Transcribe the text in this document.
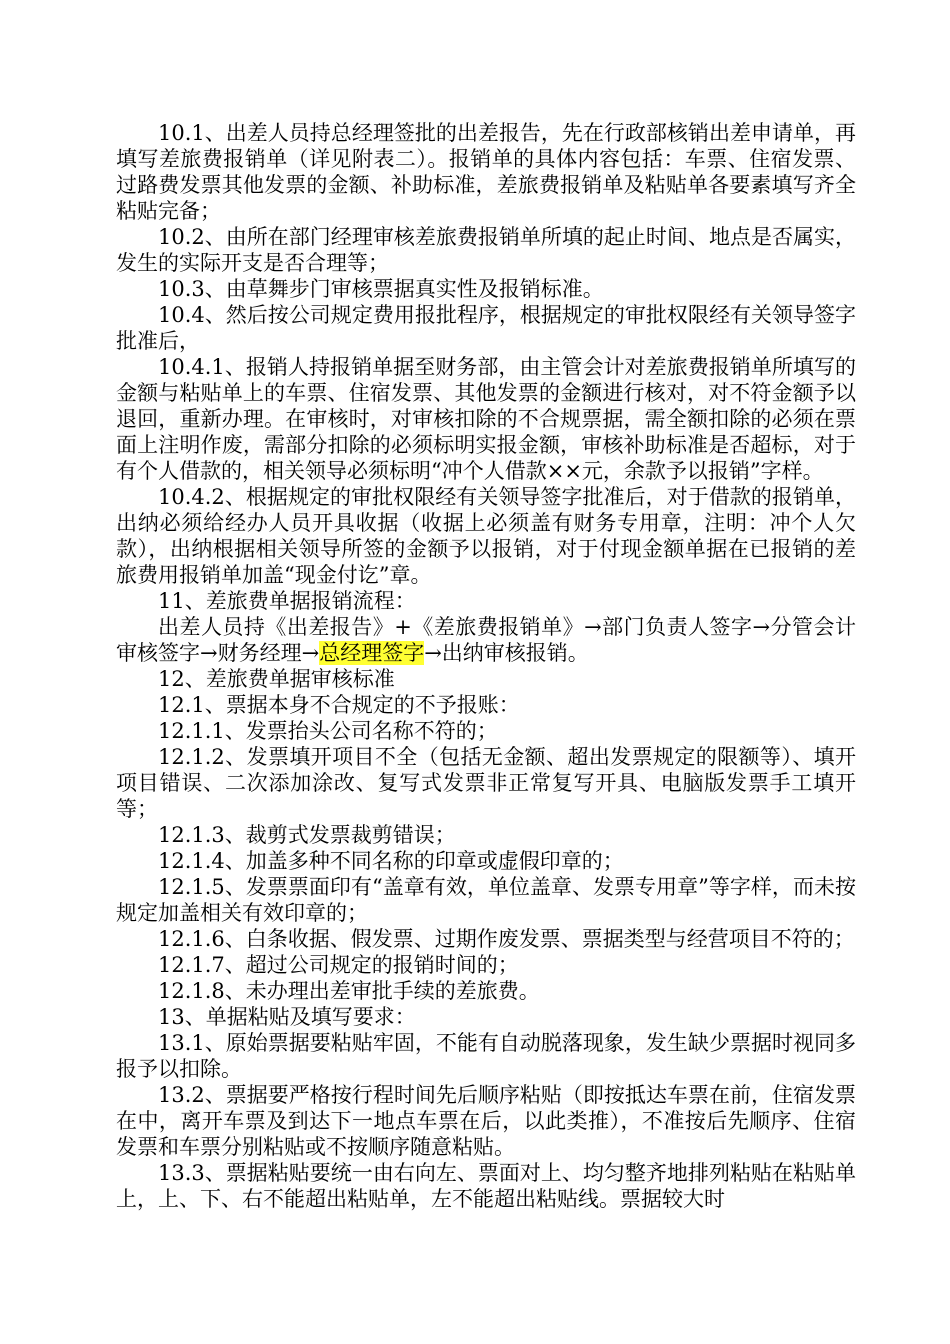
10.1、出差人员持总经理签批的出差报告，先在行政部核销出差申请单，再填写差旅费报销单（详见附表二）。报销单的具体内容包括：车票、住宿发票、过路费发票其他发票的金额、补助标准，差旅费报销单及粘贴单各要素填写齐全粘贴完备；

10.2、由所在部门经理审核差旅费报销单所填的起止时间、地点是否属实，发生的实际开支是否合理等；

10.3、由草舞步门审核票据真实性及报销标准。

10.4、然后按公司规定费用报批程序，根据规定的审批权限经有关领导签字批准后，

10.4.1、报销人持报销单据至财务部，由主管会计对差旅费报销单所填写的金额与粘贴单上的车票、住宿发票、其他发票的金额进行核对，对不符金额予以退回，重新办理。在审核时，对审核扣除的不合规票据，需全额扣除的必须在票面上注明作废，需部分扣除的必须标明实报金额，审核补助标准是否超标，对于有个人借款的，相关领导必须标明“冲个人借款××元，余款予以报销”字样。

10.4.2、根据规定的审批权限经有关领导签字批准后，对于借款的报销单，出纳必须给经办人员开具收据（收据上必须盖有财务专用章，注明：冲个人欠款），出纳根据相关领导所签的金额予以报销，对于付现金额单据在已报销的差旅费用报销单加盖“现金付讫”章。

11、差旅费单据报销流程：

出差人员持《出差报告》+《差旅费报销单》→部门负责人签字→分管会计审核签字→财务经理→总经理签字→出纳审核报销。

12、差旅费单据审核标准

12.1、票据本身不合规定的不予报账：

12.1.1、发票抬头公司名称不符的；

12.1.2、发票填开项目不全（包括无金额、超出发票规定的限额等）、填开项目错误、二次添加涂改、复写式发票非正常复写开具、电脑版发票手工填开等；

12.1.3、裁剪式发票裁剪错误；

12.1.4、加盖多种不同名称的印章或虚假印章的；

12.1.5、发票票面印有“盖章有效，单位盖章、发票专用章”等字样，而未按规定加盖相关有效印章的；

12.1.6、白条收据、假发票、过期作废发票、票据类型与经营项目不符的；

12.1.7、超过公司规定的报销时间的；

12.1.8、未办理出差审批手续的差旅费。

13、单据粘贴及填写要求：

13.1、原始票据要粘贴牢固，不能有自动脱落现象，发生缺少票据时视同多报予以扣除。

13.2、票据要严格按行程时间先后顺序粘贴（即按抵达车票在前，住宿发票在中，离开车票及到达下一地点车票在后，以此类推），不准按后先顺序、住宿发票和车票分别粘贴或不按顺序随意粘贴。

13.3、票据粘贴要统一由右向左、票面对上、均匀整齐地排列粘贴在粘贴单上，上、下、右不能超出粘贴单，左不能超出粘贴线。票据较大时
